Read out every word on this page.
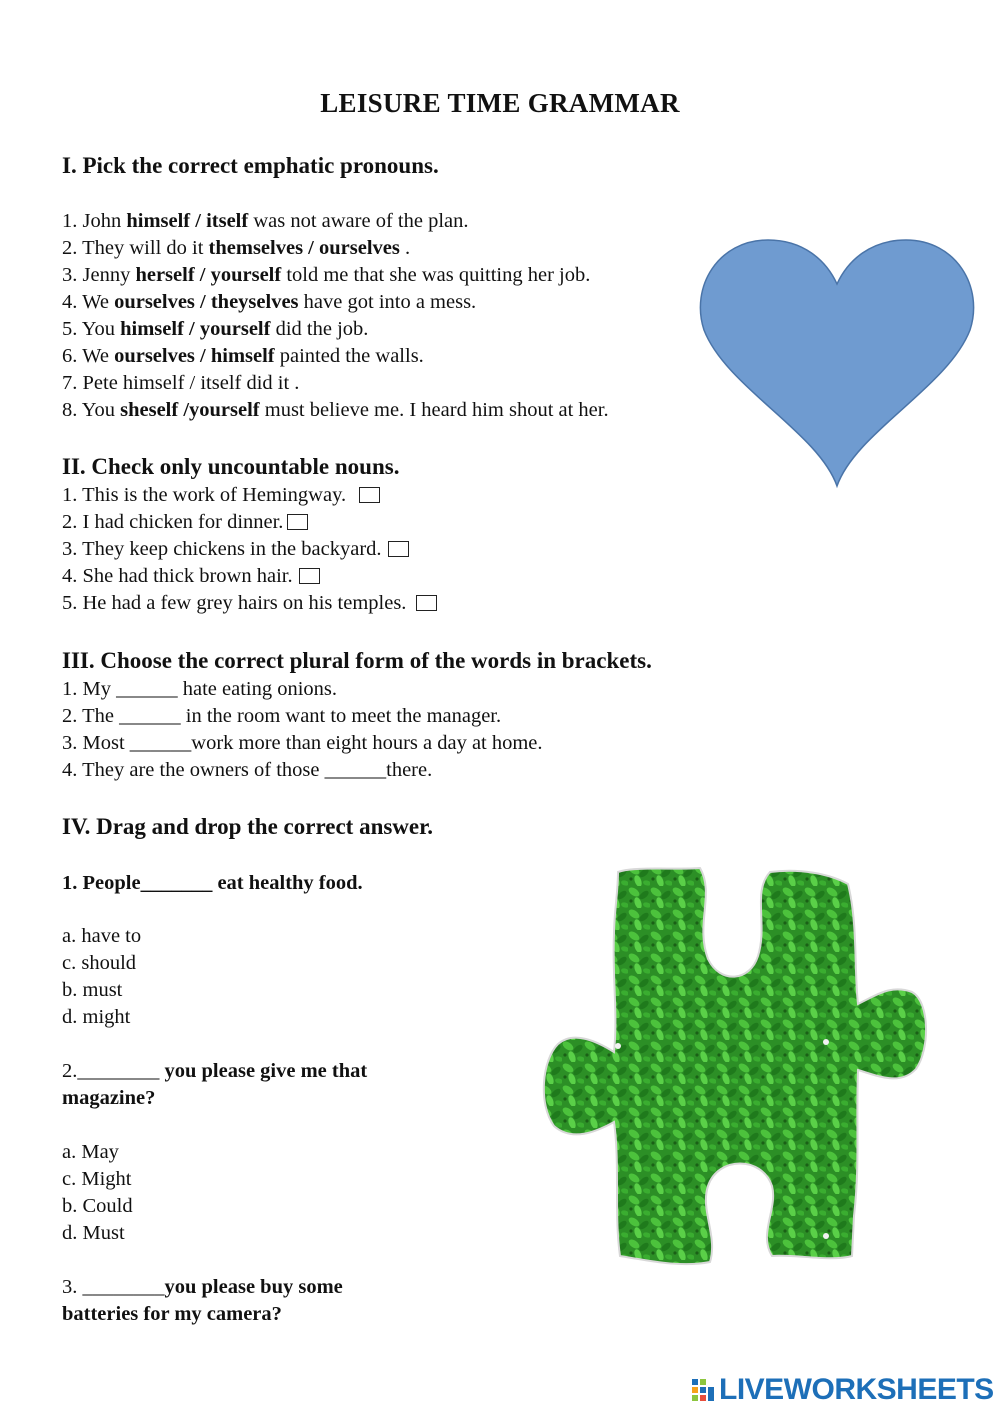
LEISURE TIME GRAMMAR
I. Pick the correct emphatic pronouns.
1. John himself / itself was not aware of the plan.
2. They will do it themselves / ourselves .
3. Jenny herself / yourself told me that she was quitting her job.
4. We ourselves / theyselves have got into a mess.
5. You himself / yourself did the job.
6. We ourselves / himself painted the walls.
7. Pete himself / itself did it .
8. You sheself /yourself must believe me. I heard him shout at her.
II. Check only uncountable nouns.
1. This is the work of Hemingway.
2. I had chicken for dinner.
3. They keep chickens in the backyard.
4. She had thick brown hair.
5. He had a few grey hairs on his temples.
III. Choose the correct plural form of the words in brackets.
1. My ______ hate eating onions.
2. The ______ in the room want to meet the manager.
3. Most ______work more than eight hours a day at home.
4. They are the owners of those ______there.
IV. Drag and drop the correct answer.
1. People_______ eat healthy food.
a. have to
c. should
b. must
d. might
2.________ you please give me that
magazine?
a. May
c. Might
b. Could
d. Must
3. ________you please buy some
batteries for my camera?
LIVEWORKSHEETS
